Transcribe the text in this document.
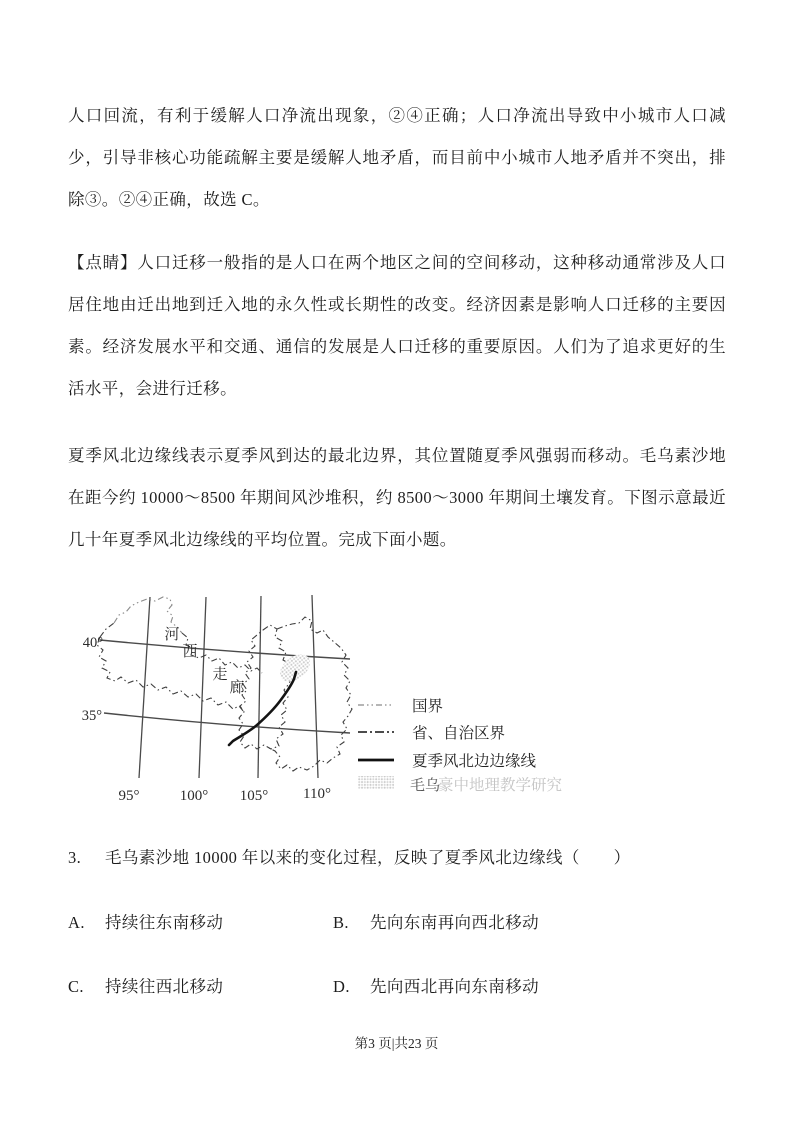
人口回流，有利于缓解人口净流出现象，②④正确；人口净流出导致中小城市人口减少，引导非核心功能疏解主要是缓解人地矛盾，而目前中小城市人地矛盾并不突出，排除③。②④正确，故选 C。

【点睛】人口迁移一般指的是人口在两个地区之间的空间移动，这种移动通常涉及人口居住地由迁出地到迁入地的永久性或长期性的改变。经济因素是影响人口迁移的主要因素。经济发展水平和交通、通信的发展是人口迁移的重要原因。人们为了追求更好的生活水平，会进行迁移。

夏季风北边缘线表示夏季风到达的最北边界，其位置随夏季风强弱而移动。毛乌素沙地在距今约 10000～8500 年期间风沙堆积，约 8500～3000 年期间土壤发育。下图示意最近几十年夏季风北边缘线的平均位置。完成下面小题。

河
西
走
廊
40°
35°
95°	100° 105° 110°
国界
省、自治区界
夏季风北边边缘线
毛乌
豪中地理教学研究
3.	毛乌素沙地 10000 年以来的变化过程，反映了夏季风北边缘线（　　）
A.	持续往东南移动	B.	先向东南再向西北移动
C.	持续往西北移动	D.	先向西北再向东南移动
第3 页|共23 页
